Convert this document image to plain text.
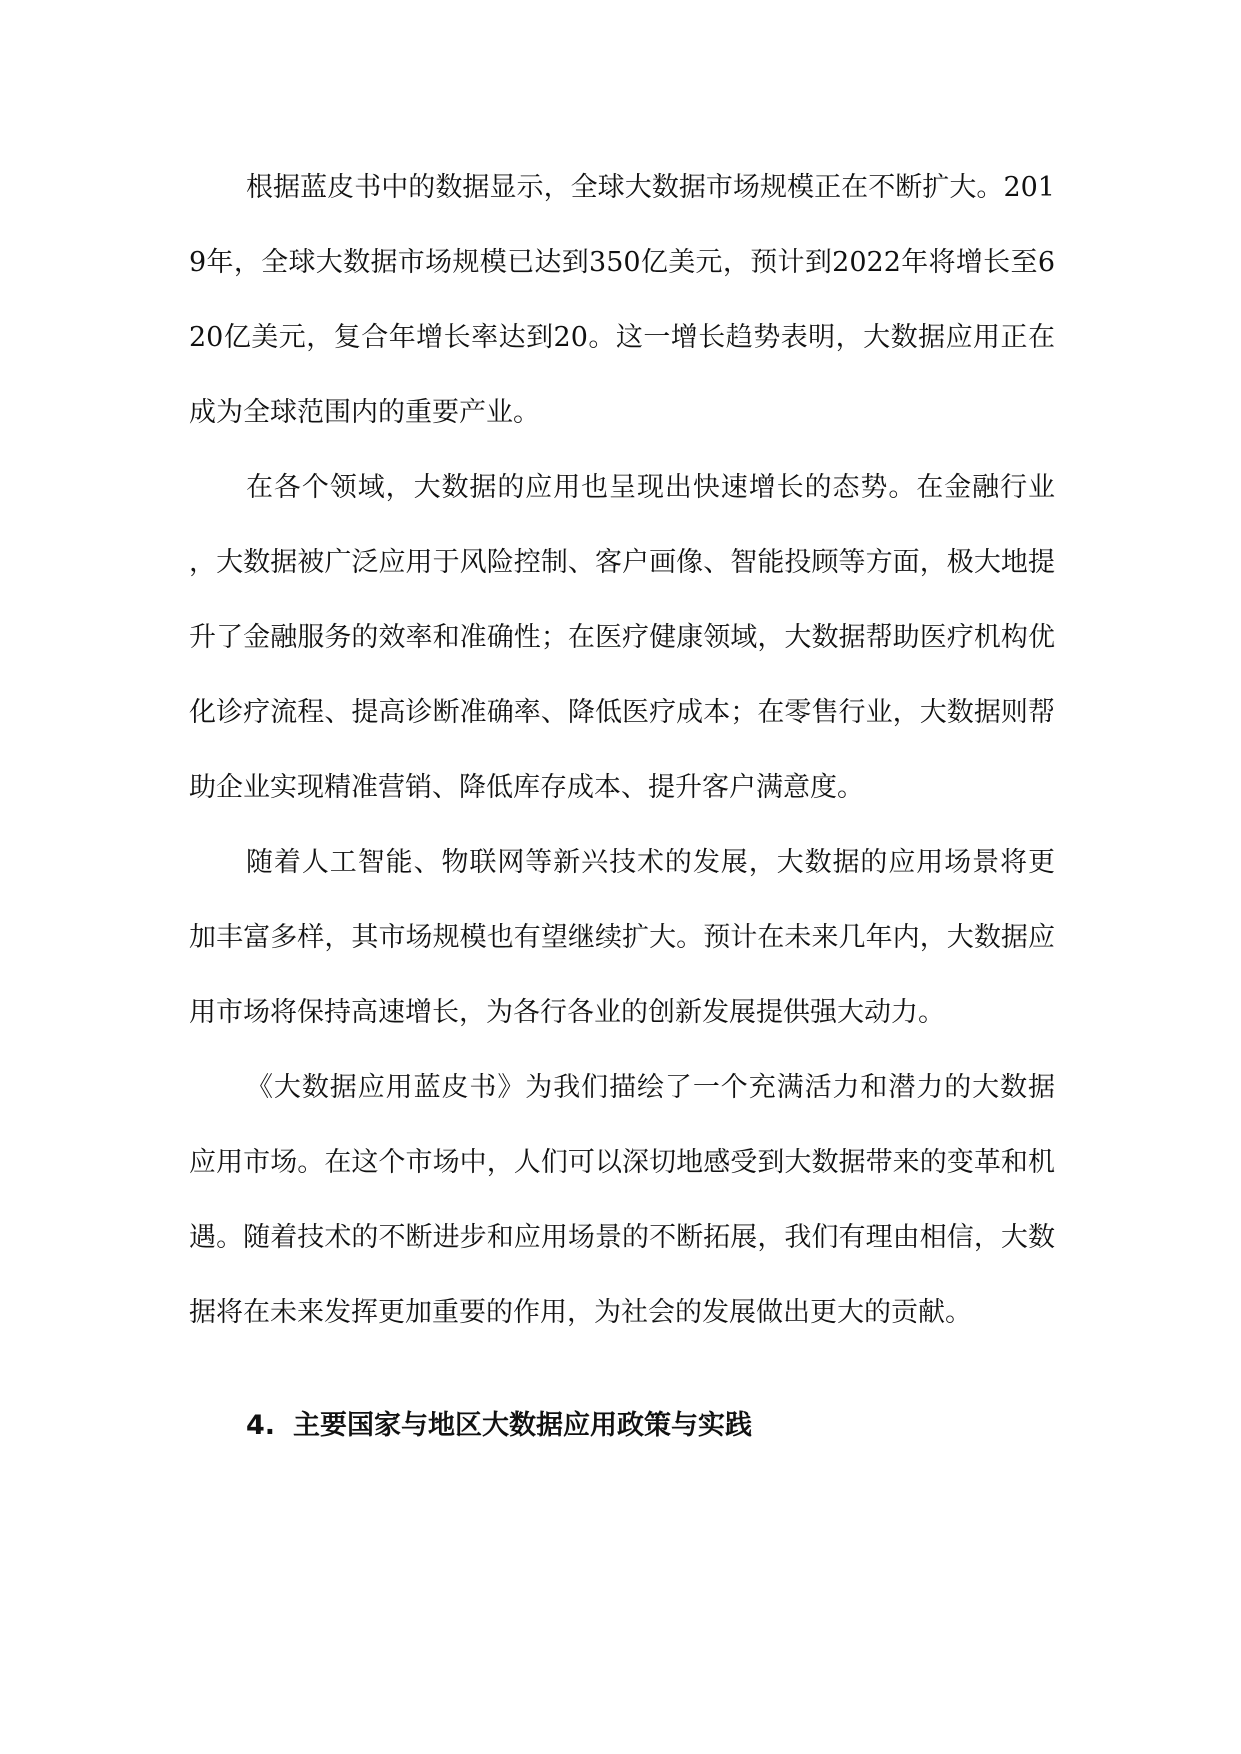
根据蓝皮书中的数据显示，全球大数据市场规模正在不断扩大。2019年，全球大数据市场规模已达到350亿美元，预计到2022年将增长至620亿美元，复合年增长率达到20。这一增长趋势表明，大数据应用正在成为全球范围内的重要产业。

在各个领域，大数据的应用也呈现出快速增长的态势。在金融行业，大数据被广泛应用于风险控制、客户画像、智能投顾等方面，极大地提升了金融服务的效率和准确性；在医疗健康领域，大数据帮助医疗机构优化诊疗流程、提高诊断准确率、降低医疗成本；在零售行业，大数据则帮助企业实现精准营销、降低库存成本、提升客户满意度。

随着人工智能、物联网等新兴技术的发展，大数据的应用场景将更加丰富多样，其市场规模也有望继续扩大。预计在未来几年内，大数据应用市场将保持高速增长，为各行各业的创新发展提供强大动力。

《大数据应用蓝皮书》为我们描绘了一个充满活力和潜力的大数据应用市场。在这个市场中，人们可以深切地感受到大数据带来的变革和机遇。随着技术的不断进步和应用场景的不断拓展，我们有理由相信，大数据将在未来发挥更加重要的作用，为社会的发展做出更大的贡献。

4. 主要国家与地区大数据应用政策与实践
